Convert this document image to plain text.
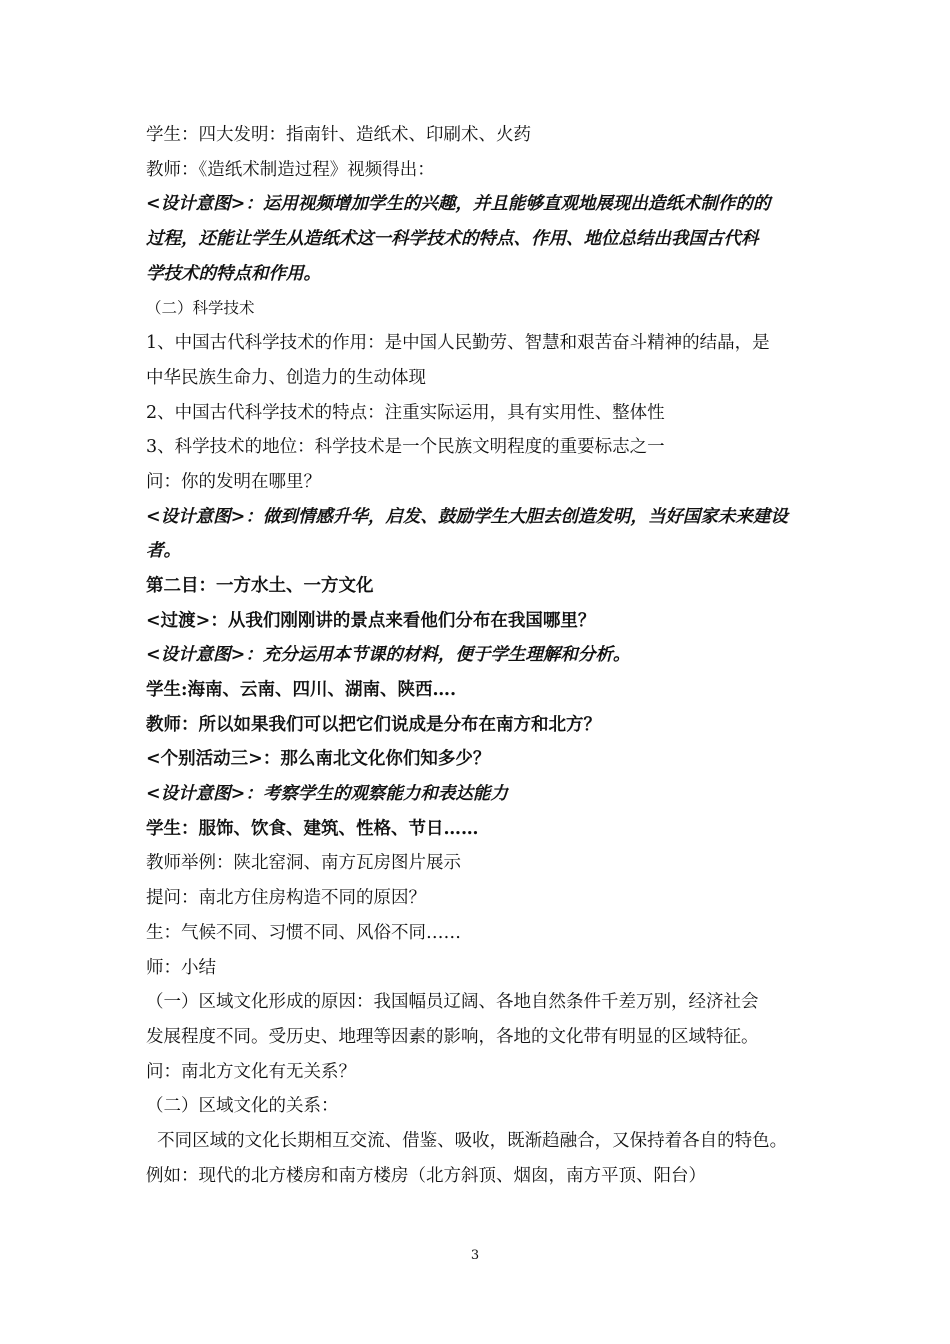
学生：四大发明：指南针、造纸术、印刷术、火药
教师：《造纸术制造过程》视频得出：
<设计意图>：运用视频增加学生的兴趣，并且能够直观地展现出造纸术制作的的
过程，还能让学生从造纸术这一科学技术的特点、作用、地位总结出我国古代科
学技术的特点和作用。
（二）科学技术
1、中国古代科学技术的作用：是中国人民勤劳、智慧和艰苦奋斗精神的结晶，是
中华民族生命力、创造力的生动体现
2、中国古代科学技术的特点：注重实际运用，具有实用性、整体性
3、科学技术的地位：科学技术是一个民族文明程度的重要标志之一
问：你的发明在哪里？
<设计意图>：做到情感升华，启发、鼓励学生大胆去创造发明，当好国家未来建设
者。
第二目：一方水土、一方文化
<过渡>：从我们刚刚讲的景点来看他们分布在我国哪里？
<设计意图>：充分运用本节课的材料，便于学生理解和分析。
学生:海南、云南、四川、湖南、陕西….
教师：所以如果我们可以把它们说成是分布在南方和北方？
<个别活动三>：那么南北文化你们知多少？
<设计意图>：考察学生的观察能力和表达能力
学生：服饰、饮食、建筑、性格、节日……
教师举例：陕北窑洞、南方瓦房图片展示
提问：南北方住房构造不同的原因？
生：气候不同、习惯不同、风俗不同……
师：小结
（一）区域文化形成的原因：我国幅员辽阔、各地自然条件千差万别，经济社会
发展程度不同。受历史、地理等因素的影响，各地的文化带有明显的区域特征。
问：南北方文化有无关系？
（二）区域文化的关系：
不同区域的文化长期相互交流、借鉴、吸收，既渐趋融合，又保持着各自的特色。
例如：现代的北方楼房和南方楼房（北方斜顶、烟囱，南方平顶、阳台）
3
